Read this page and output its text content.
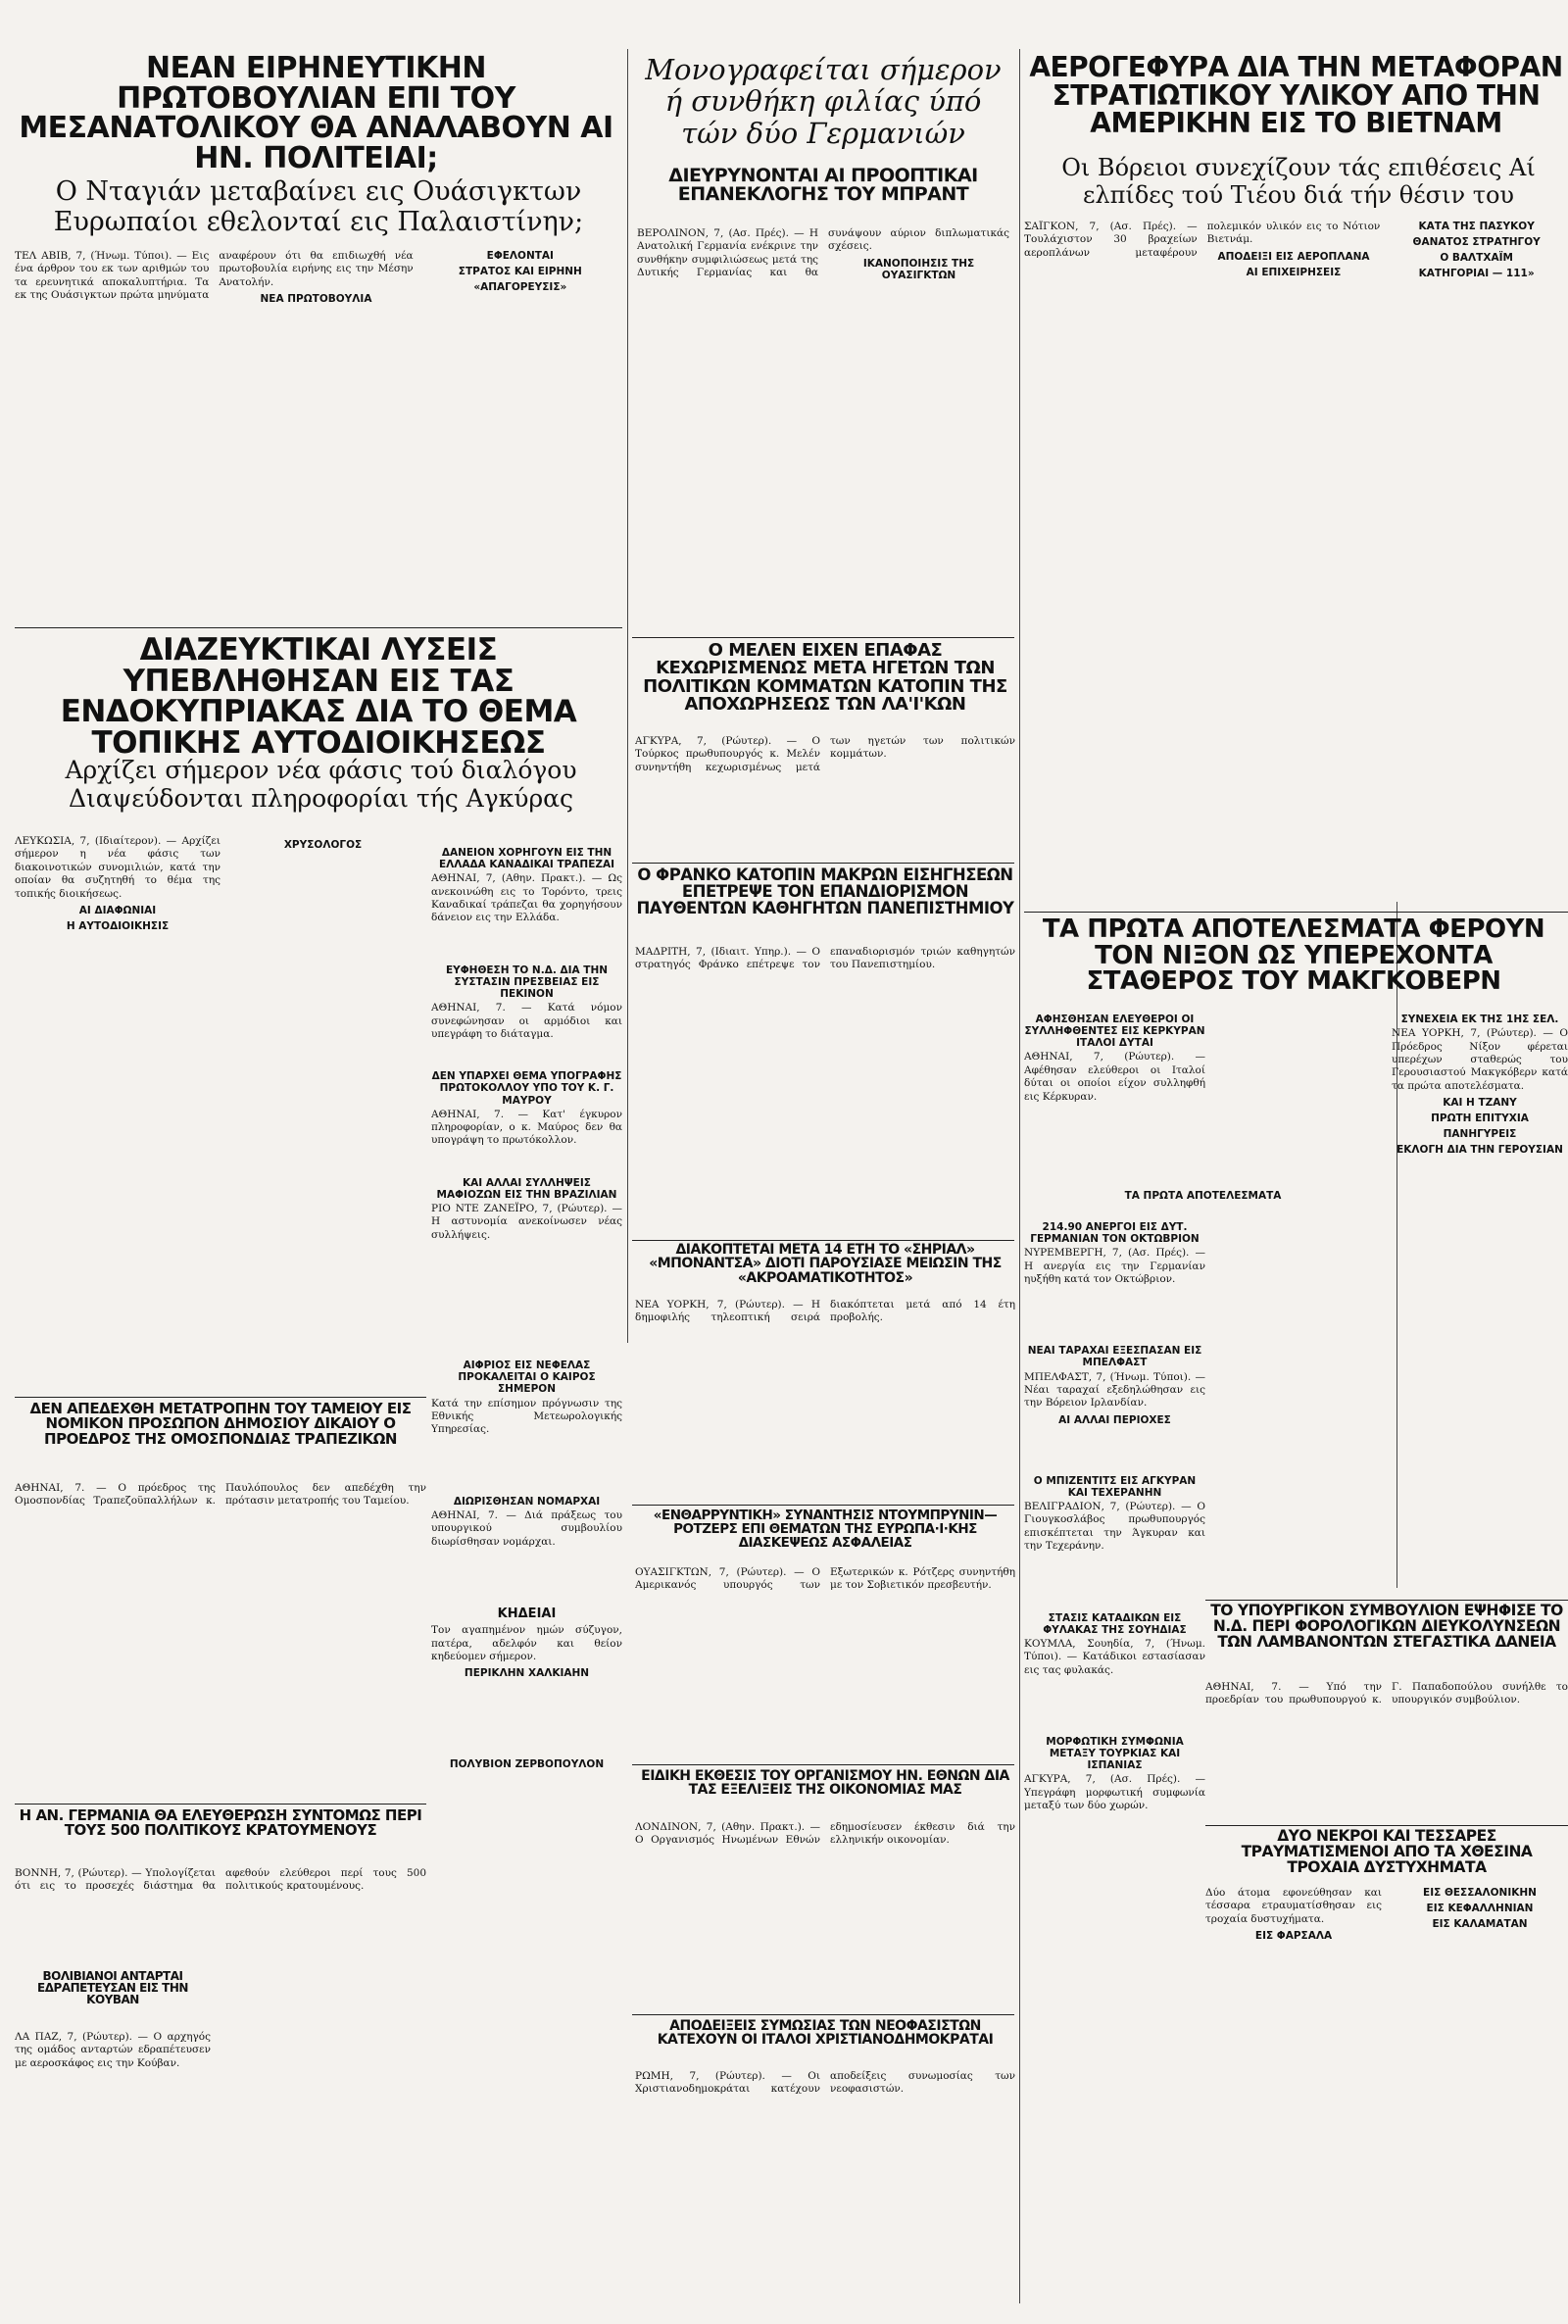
ΝΕΑΝ ΕΙΡΗΝΕΥΤΙΚΗΝ ΠΡΩΤΟΒΟΥΛΙΑΝ ΕΠΙ ΤΟΥ ΜΕΣΑΝΑΤΟΛΙΚΟΥ ΘΑ ΑΝΑΛΑΒΟΥΝ ΑΙ ΗΝ. ΠΟΛΙΤΕΙΑΙ;

Ο Νταγιάν μεταβαίνει εις Ουάσιγκτων Ευρωπαίοι εθελονταί εις Παλαιστίνην;

ΤΕΛ ΑΒΙΒ, 7, (Ήνωμ. Τύποι). — Εις ένα άρθρον του εκ των αριθμών του τα ερευνητικά αποκαλυπτήρια. Τα εκ της Ουάσιγκτων πρώτα μηνύματα αναφέρουν ότι θα επιδιωχθή νέα πρωτοβουλία ειρήνης εις την Μέσην Ανατολήν.

ΝΕΑ ΠΡΩΤΟΒΟΥΛΙΑ
ΕΦΕΛΟΝΤΑΙ
ΣΤΡΑΤΟΣ ΚΑΙ ΕΙΡΗΝΗ
«ΑΠΑΓΟΡΕΥΣΙΣ»
Μονογραφείται σήμερον ή συνθήκη φιλίας ύπό τών δύο Γερμανιών
ΔΙΕΥΡΥΝΟΝΤΑΙ ΑΙ ΠΡΟΟΠΤΙΚΑΙ ΕΠΑΝΕΚΛΟΓΗΣ ΤΟΥ ΜΠΡΑΝΤ

ΒΕΡΟΛΙΝΟΝ, 7, (Ασ. Πρές). — Η Ανατολική Γερμανία ενέκρινε την συνθήκην συμφιλιώσεως μετά της Δυτικής Γερμανίας και θα συνάψουν αύριον διπλωματικάς σχέσεις.

ΙΚΑΝΟΠΟΙΗΣΙΣ ΤΗΣ ΟΥΑΣΙΓΚΤΩΝ
ΑΕΡΟΓΕΦΥΡΑ ΔΙΑ ΤΗΝ ΜΕΤΑΦΟΡΑΝ ΣΤΡΑΤΙΩΤΙΚΟΥ ΥΛΙΚΟΥ ΑΠΟ ΤΗΝ ΑΜΕΡΙΚΗΝ ΕΙΣ ΤΟ ΒΙΕΤΝΑΜ

Οι Βόρειοι συνεχίζουν τάς επιθέσεις Αί ελπίδες τού Τιέου διά τήν θέσιν του

ΣΑΪΓΚΟΝ, 7, (Ασ. Πρές). — Τουλάχιστον 30 βραχείων αεροπλάνων μεταφέρουν πολεμικόν υλικόν εις το Νότιον Βιετνάμ.

ΑΠΟΔΕΙΞΙ ΕΙΣ ΑΕΡΟΠΛΑΝΑ
ΑΙ ΕΠΙΧΕΙΡΗΣΕΙΣ
ΚΑΤΑ ΤΗΣ ΠΑΣΥΚΟΥ
ΘΑΝΑΤΟΣ ΣΤΡΑΤΗΓΟΥ
Ο ΒΑΛΤΧΑΪΜ
ΚΑΤΗΓΟΡΙΑΙ — 111»
ΔΙΑΖΕΥΚΤΙΚΑΙ ΛΥΣΕΙΣ ΥΠΕΒΛΗΘΗΣΑΝ ΕΙΣ ΤΑΣ ΕΝΔΟΚΥΠΡΙΑΚΑΣ ΔΙΑ ΤΟ ΘΕΜΑ ΤΟΠΙΚΗΣ ΑΥΤΟΔΙΟΙΚΗΣΕΩΣ

Αρχίζει σήμερον νέα φάσις τού διαλόγου Διαψεύδονται πληροφορίαι τής Αγκύρας

ΛΕΥΚΩΣΙΑ, 7, (Ιδιαίτερον). — Αρχίζει σήμερον η νέα φάσις των διακοινοτικών συνομιλιών, κατά την οποίαν θα συζητηθή το θέμα της τοπικής διοικήσεως.

ΑΙ ΔΙΑΦΩΝΙΑΙ
Η ΑΥΤΟΔΙΟΙΚΗΣΙΣ
ΧΡΥΣΟΛΟΓΟΣ
Ο ΜΕΛΕΝ ΕΙΧΕΝ ΕΠΑΦΑΣ ΚΕΧΩΡΙΣΜΕΝΩΣ ΜΕΤΑ ΗΓΕΤΩΝ ΤΩΝ ΠΟΛΙΤΙΚΩΝ ΚΟΜΜΑΤΩΝ ΚΑΤΟΠΙΝ ΤΗΣ ΑΠΟΧΩΡΗΣΕΩΣ ΤΩΝ ΛΑ'Ι'ΚΩΝ

ΑΓΚΥΡΑ, 7, (Ρώυτερ). — Ο Τούρκος πρωθυπουργός κ. Μελέν συνηντήθη κεχωρισμένως μετά των ηγετών των πολιτικών κομμάτων.

Ο ΦΡΑΝΚΟ ΚΑΤΟΠΙΝ ΜΑΚΡΩΝ ΕΙΣΗΓΗΣΕΩΝ ΕΠΕΤΡΕΨΕ ΤΟΝ ΕΠΑΝΔΙΟΡΙΣΜΟΝ ΠΑΥΘΕΝΤΩΝ ΚΑΘΗΓΗΤΩΝ ΠΑΝΕΠΙΣΤΗΜΙΟΥ

ΜΑΔΡΙΤΗ, 7, (Ιδιαιτ. Υπηρ.). — Ο στρατηγός Φράνκο επέτρεψε τον επαναδιορισμόν τριών καθηγητών του Πανεπιστημίου.

ΤΑ ΠΡΩΤΑ ΑΠΟΤΕΛΕΣΜΑΤΑ ΦΕΡΟΥΝ ΤΟΝ ΝΙΞΟΝ ΩΣ ΥΠΕΡΕΧΟΝΤΑ ΣΤΑΘΕΡΟΣ ΤΟΥ ΜΑΚΓΚΟΒΕΡΝ
ΣΥΝΕΧΕΙΑ ΕΚ ΤΗΣ 1ΗΣ ΣΕΛ.

ΝΕΑ ΥΟΡΚΗ, 7, (Ρώυτερ). — Ο Πρόεδρος Νίξον φέρεται υπερέχων σταθερώς του Γερουσιαστού Μακγκόβερν κατά τα πρώτα αποτελέσματα.

ΚΑΙ Η ΤΖΑΝΥ
ΠΡΩΤΗ ΕΠΙΤΥΧΙΑ
ΠΑΝΗΓΥΡΕΙΣ
ΕΚΛΟΓΗ ΔΙΑ ΤΗΝ ΓΕΡΟΥΣΙΑΝ
ΤΑ ΠΡΩΤΑ ΑΠΟΤΕΛΕΣΜΑΤΑ
ΔΕΝ ΑΠΕΔΕΧΘΗ ΜΕΤΑΤΡΟΠΗΝ ΤΟΥ ΤΑΜΕΙΟΥ ΕΙΣ ΝΟΜΙΚΟΝ ΠΡΟΣΩΠΟΝ ΔΗΜΟΣΙΟΥ ΔΙΚΑΙΟΥ Ο ΠΡΟΕΔΡΟΣ ΤΗΣ ΟΜΟΣΠΟΝΔΙΑΣ ΤΡΑΠΕΖΙΚΩΝ

ΑΘΗΝΑΙ, 7. — Ο πρόεδρος της Ομοσπονδίας Τραπεζοϋπαλλήλων κ. Παυλόπουλος δεν απεδέχθη την πρότασιν μετατροπής του Ταμείου.

Η ΑΝ. ΓΕΡΜΑΝΙΑ ΘΑ ΕΛΕΥΘΕΡΩΣΗ ΣΥΝΤΟΜΩΣ ΠΕΡΙ ΤΟΥΣ 500 ΠΟΛΙΤΙΚΟΥΣ ΚΡΑΤΟΥΜΕΝΟΥΣ

ΒΟΝΝΗ, 7, (Ρώυτερ). — Υπολογίζεται ότι εις το προσεχές διάστημα θα αφεθούν ελεύθεροι περί τους 500 πολιτικούς κρατουμένους.

ΒΟΛΙΒΙΑΝΟΙ ΑΝΤΑΡΤΑΙ ΕΔΡΑΠΕΤΕΥΣΑΝ ΕΙΣ ΤΗΝ ΚΟΥΒΑΝ

ΛΑ ΠΑΖ, 7, (Ρώυτερ). — Ο αρχηγός της ομάδος ανταρτών εδραπέτευσεν με αεροσκάφος εις την Κούβαν.

ΔΑΝΕΙΟΝ ΧΟΡΗΓΟΥΝ ΕΙΣ ΤΗΝ ΕΛΛΑΔΑ ΚΑΝΑΔΙΚΑΙ ΤΡΑΠΕΖΑΙ

ΑΘΗΝΑΙ, 7, (Αθην. Πρακτ.). — Ως ανεκοινώθη εις το Τορόντο, τρεις Καναδικαί τράπεζαι θα χορηγήσουν δάνειον εις την Ελλάδα.

ΕΥΦΗΘΕΣΗ ΤΟ Ν.Δ. ΔΙΑ ΤΗΝ ΣΥΣΤΑΣΙΝ ΠΡΕΣΒΕΙΑΣ ΕΙΣ ΠΕΚΙΝΟΝ

ΑΘΗΝΑΙ, 7. — Κατά νόμον συνεφώνησαν οι αρμόδιοι και υπεγράφη το διάταγμα.

ΔΕΝ ΥΠΑΡΧΕΙ ΘΕΜΑ ΥΠΟΓΡΑΦΗΣ ΠΡΩΤΟΚΟΛΛΟΥ ΥΠΟ ΤΟΥ Κ. Γ. ΜΑΥΡΟΥ

ΑΘΗΝΑΙ, 7. — Κατ' έγκυρον πληροφορίαν, ο κ. Μαύρος δεν θα υπογράψη το πρωτόκολλον.

ΚΑΙ ΑΛΛΑΙ ΣΥΛΛΗΨΕΙΣ ΜΑΦΙΟΖΩΝ ΕΙΣ ΤΗΝ ΒΡΑΖΙΛΙΑΝ

ΡΙΟ ΝΤΕ ΖΑΝΕΪΡΟ, 7, (Ρώυτερ). — Η αστυνομία ανεκοίνωσεν νέας συλλήψεις.

ΑΙΦΡΙΟΣ ΕΙΣ ΝΕΦΕΛΑΣ ΠΡΟΚΑΛΕΙΤΑΙ Ο ΚΑΙΡΟΣ ΣΗΜΕΡΟΝ

Κατά την επίσημον πρόγνωσιν της Εθνικής Μετεωρολογικής Υπηρεσίας.

ΔΙΩΡΙΣΘΗΣΑΝ ΝΟΜΑΡΧΑΙ

ΑΘΗΝΑΙ, 7. — Διά πράξεως του υπουργικού συμβουλίου διωρίσθησαν νομάρχαι.

ΚΗΔΕΙΑΙ

Τον αγαπημένον ημών σύζυγον, πατέρα, αδελφόν και θείον κηδεύομεν σήμερον.

ΠΕΡΙΚΛΗΝ ΧΑΛΚΙΑΗΝ
ΠΟΛΥΒΙΟΝ ΖΕΡΒΟΠΟΥΛΟΝ
ΔΙΑΚΟΠΤΕΤΑΙ ΜΕΤΑ 14 ΕΤΗ ΤΟ «ΣΗΡΙΑΛ» «ΜΠΟΝΑΝΤΣΑ» ΔΙΟΤΙ ΠΑΡΟΥΣΙΑΣΕ ΜΕΙΩΣΙΝ ΤΗΣ «ΑΚΡΟΑΜΑΤΙΚΟΤΗΤΟΣ»

ΝΕΑ ΥΟΡΚΗ, 7, (Ρώυτερ). — Η δημοφιλής τηλεοπτική σειρά διακόπτεται μετά από 14 έτη προβολής.

«ΕΝΘΑΡΡΥΝΤΙΚΗ» ΣΥΝΑΝΤΗΣΙΣ ΝΤΟΥΜΠΡΥΝΙΝ—ΡΟΤΖΕΡΣ ΕΠΙ ΘΕΜΑΤΩΝ ΤΗΣ ΕΥΡΩΠΑ·Ι·ΚΗΣ ΔΙΑΣΚΕΨΕΩΣ ΑΣΦΑΛΕΙΑΣ

ΟΥΑΣΙΓΚΤΩΝ, 7, (Ρώυτερ). — Ο Αμερικανός υπουργός των Εξωτερικών κ. Ρότζερς συνηντήθη με τον Σοβιετικόν πρεσβευτήν.

ΕΙΔΙΚΗ ΕΚΘΕΣΙΣ ΤΟΥ ΟΡΓΑΝΙΣΜΟΥ ΗΝ. ΕΘΝΩΝ ΔΙΑ ΤΑΣ ΕΞΕΛΙΞΕΙΣ ΤΗΣ ΟΙΚΟΝΟΜΙΑΣ ΜΑΣ

ΛΟΝΔΙΝΟΝ, 7, (Αθην. Πρακτ.). — Ο Οργανισμός Ηνωμένων Εθνών εδημοσίευσεν έκθεσιν διά την ελληνικήν οικονομίαν.

ΑΠΟΔΕΙΞΕΙΣ ΣΥΜΩΣΙΑΣ ΤΩΝ ΝΕΟΦΑΣΙΣΤΩΝ ΚΑΤΕΧΟΥΝ ΟΙ ΙΤΑΛΟΙ ΧΡΙΣΤΙΑΝΟΔΗΜΟΚΡΑΤΑΙ

ΡΩΜΗ, 7, (Ρώυτερ). — Οι Χριστιανοδημοκράται κατέχουν αποδείξεις συνωμοσίας των νεοφασιστών.

ΑΦΗΣΘΗΣΑΝ ΕΛΕΥΘΕΡΟΙ ΟΙ ΣΥΛΛΗΦΘΕΝΤΕΣ ΕΙΣ ΚΕΡΚΥΡΑΝ ΙΤΑΛΟΙ ΔΥΤΑΙ

ΑΘΗΝΑΙ, 7, (Ρώυτερ). — Αφέθησαν ελεύθεροι οι Ιταλοί δύται οι οποίοι είχον συλληφθή εις Κέρκυραν.

214.90 ΑΝΕΡΓΟΙ ΕΙΣ ΔΥΤ. ΓΕΡΜΑΝΙΑΝ ΤΟΝ ΟΚΤΩΒΡΙΟΝ

ΝΥΡΕΜΒΕΡΓΗ, 7, (Ασ. Πρές). — Η ανεργία εις την Γερμανίαν ηυξήθη κατά τον Οκτώβριον.

ΝΕΑΙ ΤΑΡΑΧΑΙ ΕΞΕΣΠΑΣΑΝ ΕΙΣ ΜΠΕΛΦΑΣΤ

ΜΠΕΛΦΑΣΤ, 7, (Ήνωμ. Τύποι). — Νέαι ταραχαί εξεδηλώθησαν εις την Βόρειον Ιρλανδίαν.

ΑΙ ΑΛΛΑΙ ΠΕΡΙΟΧΕΣ
Ο ΜΠΙΖΕΝΤΙΤΣ ΕΙΣ ΑΓΚΥΡΑΝ ΚΑΙ ΤΕΧΕΡΑΝΗΝ

ΒΕΛΙΓΡΑΔΙΟΝ, 7, (Ρώυτερ). — Ο Γιουγκοσλάβος πρωθυπουργός επισκέπτεται την Άγκυραν και την Τεχεράνην.

ΣΤΑΣΙΣ ΚΑΤΑΔΙΚΩΝ ΕΙΣ ΦΥΛΑΚΑΣ ΤΗΣ ΣΟΥΗΔΙΑΣ

ΚΟΥΜΛΑ, Σουηδία, 7, (Ήνωμ. Τύποι). — Κατάδικοι εστασίασαν εις τας φυλακάς.

ΜΟΡΦΩΤΙΚΗ ΣΥΜΦΩΝΙΑ ΜΕΤΑΞΥ ΤΟΥΡΚΙΑΣ ΚΑΙ ΙΣΠΑΝΙΑΣ

ΑΓΚΥΡΑ, 7, (Ασ. Πρές). — Υπεγράφη μορφωτική συμφωνία μεταξύ των δύο χωρών.

ΤΟ ΥΠΟΥΡΓΙΚΟΝ ΣΥΜΒΟΥΛΙΟΝ ΕΨΗΦΙΣΕ ΤΟ Ν.Δ. ΠΕΡΙ ΦΟΡΟΛΟΓΙΚΩΝ ΔΙΕΥΚΟΛΥΝΣΕΩΝ ΤΩΝ ΛΑΜΒΑΝΟΝΤΩΝ ΣΤΕΓΑΣΤΙΚΑ ΔΑΝΕΙΑ

ΑΘΗΝΑΙ, 7. — Υπό την προεδρίαν του πρωθυπουργού κ. Γ. Παπαδοπούλου συνήλθε το υπουργικόν συμβούλιον.

ΔΥΟ ΝΕΚΡΟΙ ΚΑΙ ΤΕΣΣΑΡΕΣ ΤΡΑΥΜΑΤΙΣΜΕΝΟΙ ΑΠΟ ΤΑ ΧΘΕΣΙΝΑ ΤΡΟΧΑΙΑ ΔΥΣΤΥΧΗΜΑΤΑ

Δύο άτομα εφονεύθησαν και τέσσαρα ετραυματίσθησαν εις τροχαία δυστυχήματα.

ΕΙΣ ΦΑΡΣΑΛΑ
ΕΙΣ ΘΕΣΣΑΛΟΝΙΚΗΝ
ΕΙΣ ΚΕΦΑΛΛΗΝΙΑΝ
ΕΙΣ ΚΑΛΑΜΑΤΑΝ
